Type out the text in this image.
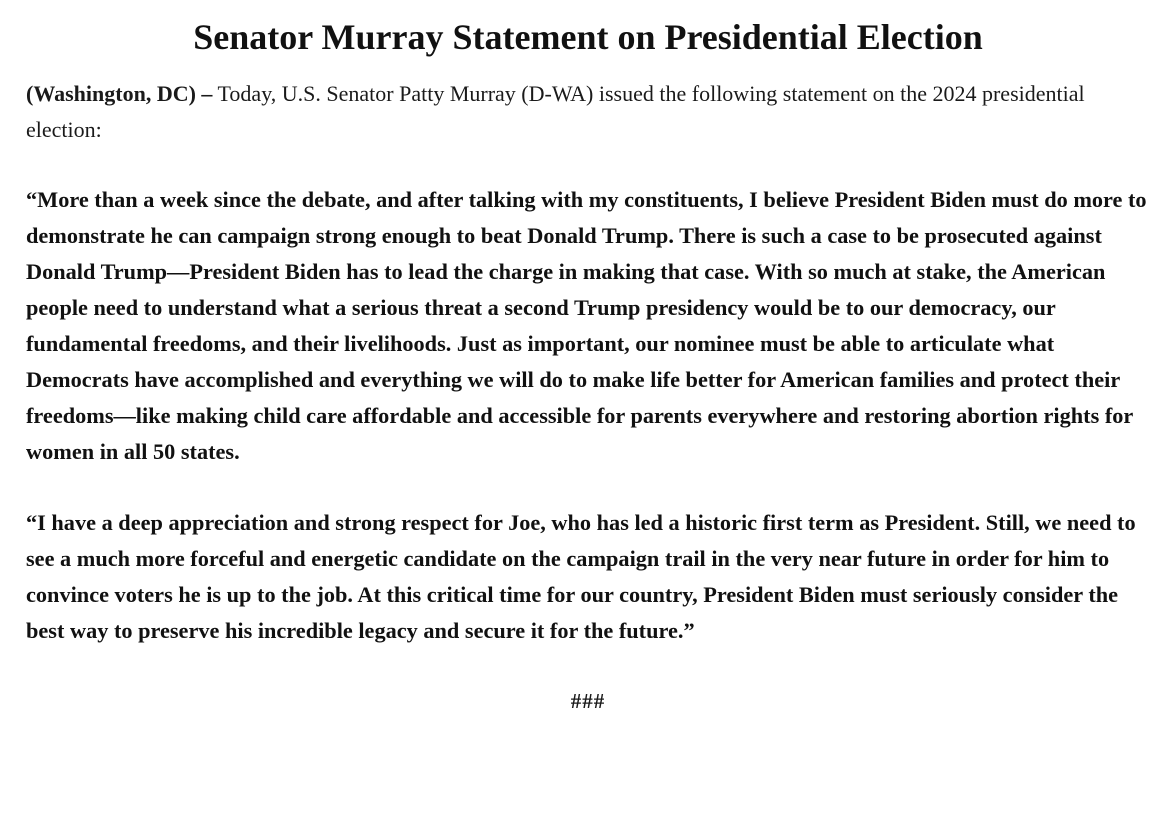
Senator Murray Statement on Presidential Election

(Washington, DC) – Today, U.S. Senator Patty Murray (D-WA) issued the following statement on the 2024 presidential election:

“More than a week since the debate, and after talking with my constituents, I believe President Biden must do more to demonstrate he can campaign strong enough to beat Donald Trump. There is such a case to be prosecuted against Donald Trump—President Biden has to lead the charge in making that case. With so much at stake, the American people need to understand what a serious threat a second Trump presidency would be to our democracy, our fundamental freedoms, and their livelihoods. Just as important, our nominee must be able to articulate what Democrats have accomplished and everything we will do to make life better for American families and protect their freedoms—like making child care affordable and accessible for parents everywhere and restoring abortion rights for women in all 50 states.

“I have a deep appreciation and strong respect for Joe, who has led a historic first term as President. Still, we need to see a much more forceful and energetic candidate on the campaign trail in the very near future in order for him to convince voters he is up to the job. At this critical time for our country, President Biden must seriously consider the best way to preserve his incredible legacy and secure it for the future.”

###
